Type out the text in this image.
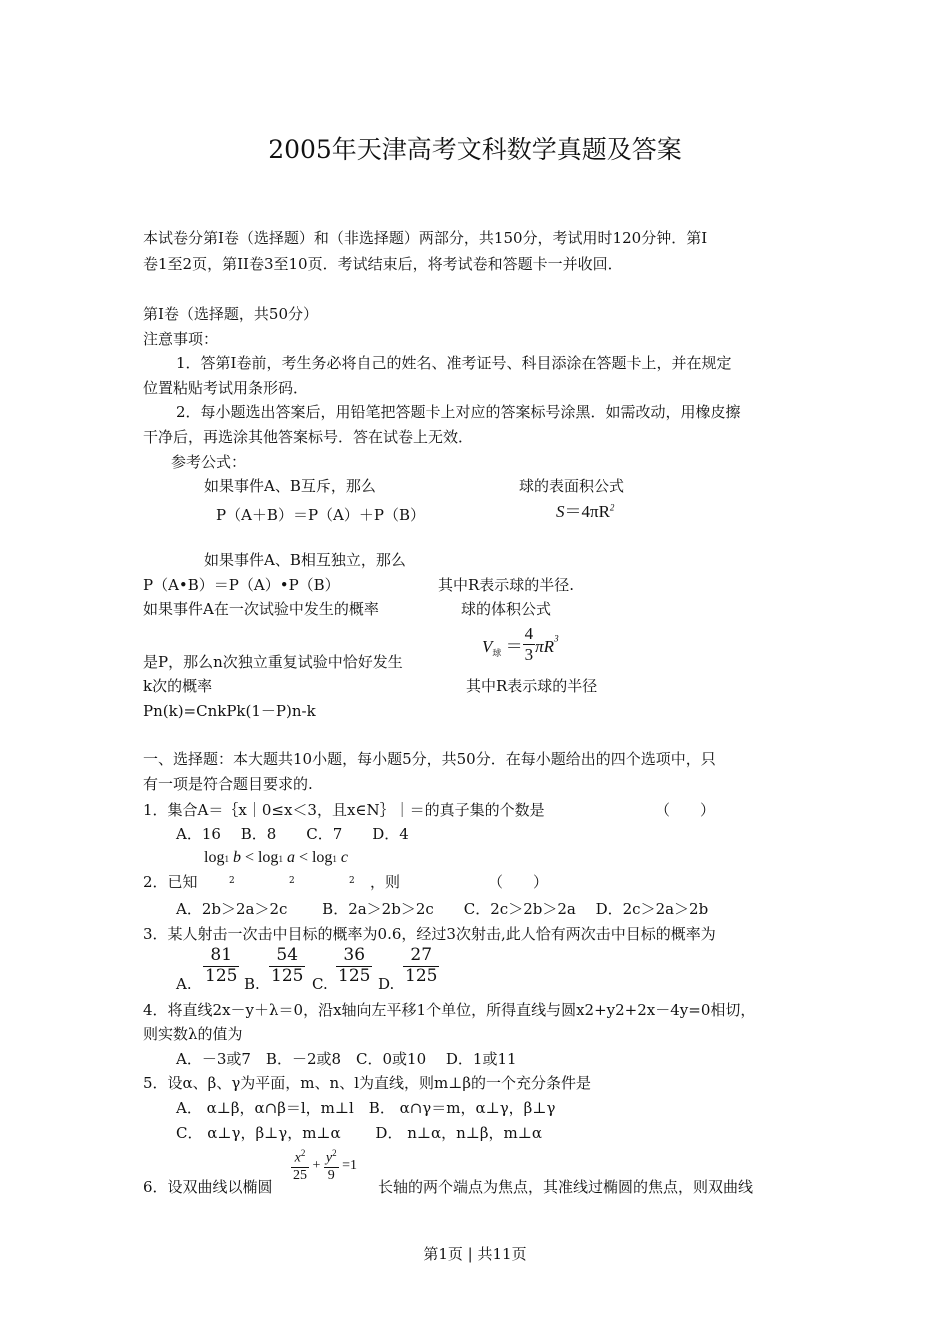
2005年天津高考文科数学真题及答案
本试卷分第Ⅰ卷（选择题）和（非选择题）两部分，共150分，考试用时120分钟．第Ⅰ
卷1至2页，第II卷3至10页．考试结束后，将考试卷和答题卡一并收回．
第Ⅰ卷（选择题，共50分）
注意事项：
1．答第Ⅰ卷前，考生务必将自己的姓名、准考证号、科目添涂在答题卡上，并在规定
位置粘贴考试用条形码．
2．每小题选出答案后，用铅笔把答题卡上对应的答案标号涂黑．如需改动，用橡皮擦
干净后，再选涂其他答案标号．答在试卷上无效．
参考公式：
如果事件A、B互斥，那么	球的表面积公式
P（A＋B）＝P（A）＋P（B）	$S=4\pi R^2$
如果事件A、B相互独立，那么
P（A•B）＝P（A）•P（B）	其中R表示球的半径.
如果事件A在一次试验中发生的概率	球的体积公式
$V_球 = \frac{4}{3} \pi R^3$
是P，那么n次独立重复试验中恰好发生
k次的概率	其中R表示球的半径
Pn(k)=CnkPk(1－P)n-k
一、选择题：本大题共10小题，每小题5分，共50分．在每小题给出的四个选项中，只
有一项是符合题目要求的.
1．集合A＝｛x｜0≤x＜3，且x∈N｝｜＝的真子集的个数是	（　　）
A．16　 B．8　　C．7　　D．4
log1 b < log1 a < log1 c
2	2	2
2．已知	，则	（　　）
A．2b＞2a＞2c　　 B．2a＞2b＞2c　　C．2c＞2b＞2a　 D．2c＞2a＞2b
3．某人射击一次击中目标的概率为0.6，经过3次射击,此人恰有两次击中目标的概率为
A. $\frac{81}{125} B$. $\frac{54}{125} C$. $\frac{36}{125} D$. $\frac{27}{125}$
4．将直线2x－y＋λ＝0，沿x轴向左平移1个单位，所得直线与圆x2+y2+2x－4y=0相切，
则实数λ的值为
A．－3或7　B．－2或8　C．0或10　 D．1或11
5．设α、β、γ为平面，m、n、l为直线，则m⊥β的一个充分条件是
A． α⊥β，α∩β＝l，m⊥l　B． α∩γ＝m，α⊥γ，β⊥γ
C． α⊥γ，β⊥γ，m⊥α　　 D． n⊥α，n⊥β，m⊥α
$\frac{x^2}{25} + \frac{y^2}{9} =1$
6．设双曲线以椭圆	长轴的两个端点为焦点，其准线过椭圆的焦点，则双曲线
第1页 | 共11页
